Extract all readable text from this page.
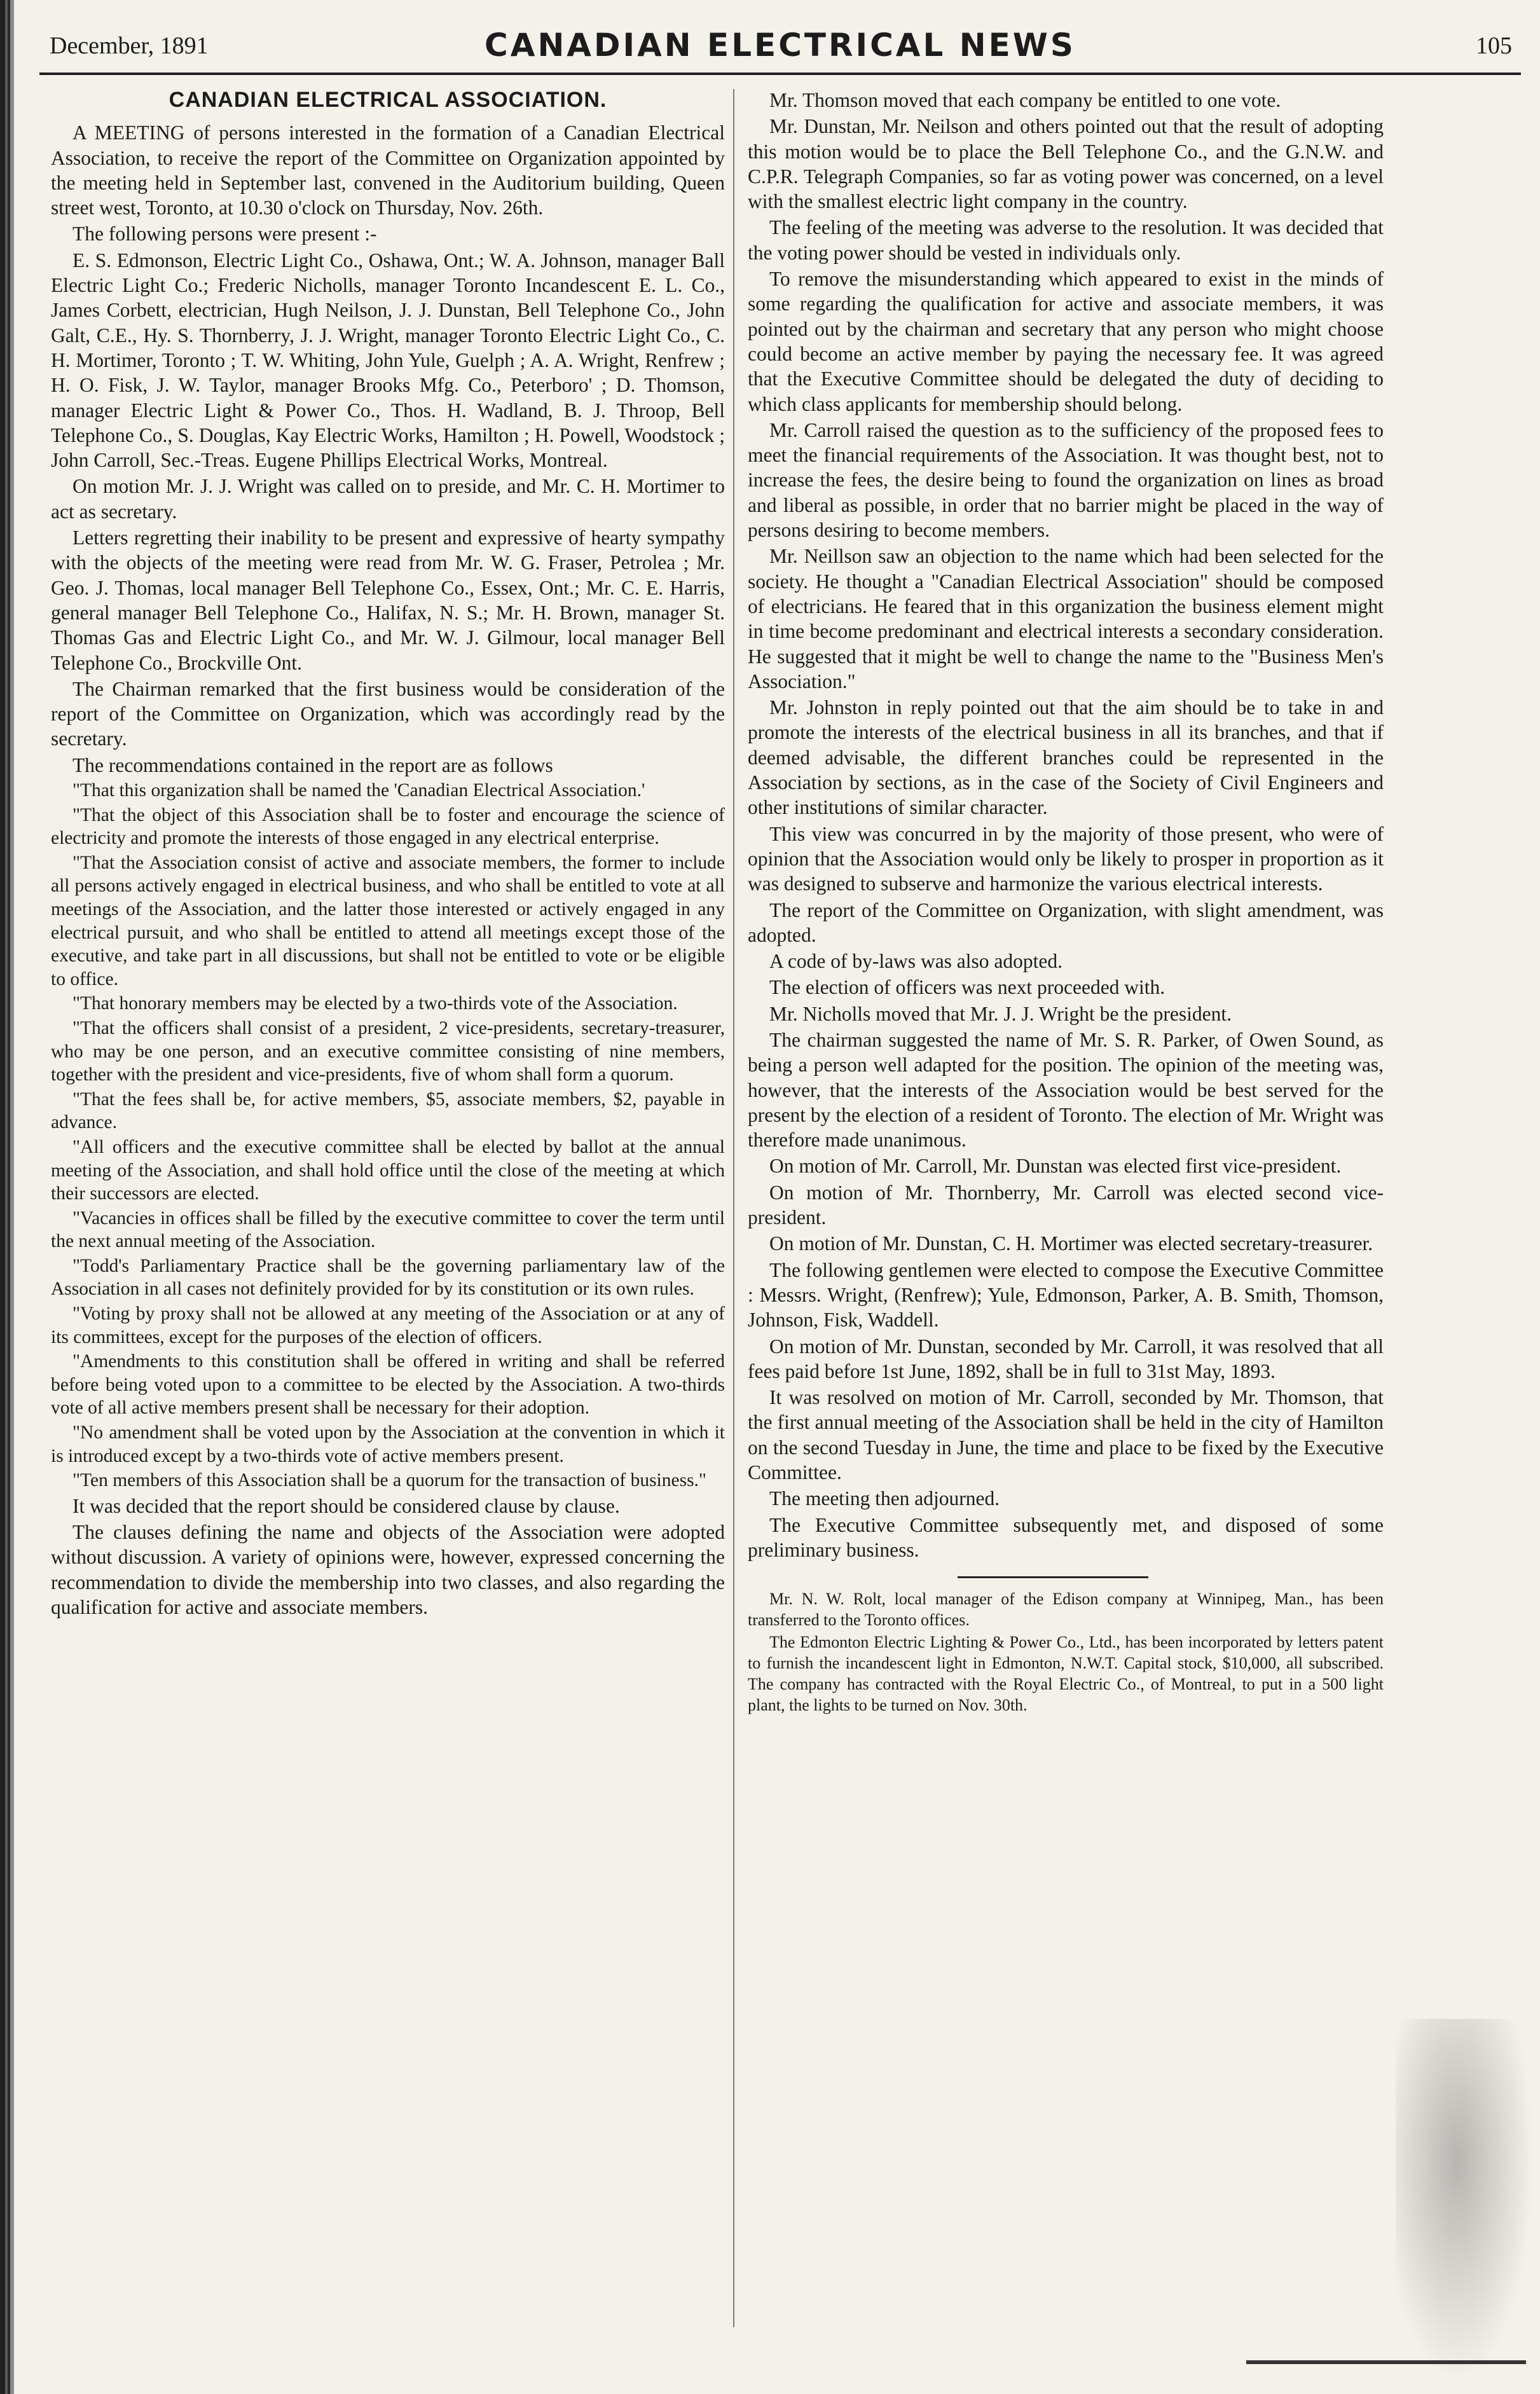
December, 1891	CANADIAN ELECTRICAL NEWS	105
CANADIAN ELECTRICAL ASSOCIATION.

A MEETING of persons interested in the formation of a Canadian Electrical Association, to receive the report of the Committee on Organization appointed by the meeting held in September last, convened in the Auditorium building, Queen street west, Toronto, at 10.30 o'clock on Thursday, Nov. 26th.

The following persons were present :-

E. S. Edmonson, Electric Light Co., Oshawa, Ont.; W. A. Johnson, manager Ball Electric Light Co.; Frederic Nicholls, manager Toronto Incandescent E. L. Co., James Corbett, electrician, Hugh Neilson, J. J. Dunstan, Bell Telephone Co., John Galt, C.E., Hy. S. Thornberry, J. J. Wright, manager Toronto Electric Light Co., C. H. Mortimer, Toronto ; T. W. Whiting, John Yule, Guelph ; A. A. Wright, Renfrew ; H. O. Fisk, J. W. Taylor, manager Brooks Mfg. Co., Peterboro' ; D. Thomson, manager Electric Light & Power Co., Thos. H. Wadland, B. J. Throop, Bell Telephone Co., S. Douglas, Kay Electric Works, Hamilton ; H. Powell, Woodstock ; John Carroll, Sec.-Treas. Eugene Phillips Electrical Works, Montreal.

On motion Mr. J. J. Wright was called on to preside, and Mr. C. H. Mortimer to act as secretary.

Letters regretting their inability to be present and expressive of hearty sympathy with the objects of the meeting were read from Mr. W. G. Fraser, Petrolea ; Mr. Geo. J. Thomas, local manager Bell Telephone Co., Essex, Ont.; Mr. C. E. Harris, general manager Bell Telephone Co., Halifax, N. S.; Mr. H. Brown, manager St. Thomas Gas and Electric Light Co., and Mr. W. J. Gilmour, local manager Bell Telephone Co., Brockville Ont.

The Chairman remarked that the first business would be consideration of the report of the Committee on Organization, which was accordingly read by the secretary.

The recommendations contained in the report are as follows

"That this organization shall be named the 'Canadian Electrical Association.'

"That the object of this Association shall be to foster and encourage the science of electricity and promote the interests of those engaged in any electrical enterprise.

"That the Association consist of active and associate members, the former to include all persons actively engaged in electrical business, and who shall be entitled to vote at all meetings of the Association, and the latter those interested or actively engaged in any electrical pursuit, and who shall be entitled to attend all meetings except those of the executive, and take part in all discussions, but shall not be entitled to vote or be eligible to office.

"That honorary members may be elected by a two-thirds vote of the Association.

"That the officers shall consist of a president, 2 vice-presidents, secretary-treasurer, who may be one person, and an executive committee consisting of nine members, together with the president and vice-presidents, five of whom shall form a quorum.

"That the fees shall be, for active members, $5, associate members, $2, payable in advance.

"All officers and the executive committee shall be elected by ballot at the annual meeting of the Association, and shall hold office until the close of the meeting at which their successors are elected.

"Vacancies in offices shall be filled by the executive committee to cover the term until the next annual meeting of the Association.

"Todd's Parliamentary Practice shall be the governing parliamentary law of the Association in all cases not definitely provided for by its constitution or its own rules.

"Voting by proxy shall not be allowed at any meeting of the Association or at any of its committees, except for the purposes of the election of officers.

"Amendments to this constitution shall be offered in writing and shall be referred before being voted upon to a committee to be elected by the Association. A two-thirds vote of all active members present shall be necessary for their adoption.

"No amendment shall be voted upon by the Association at the convention in which it is introduced except by a two-thirds vote of active members present.

"Ten members of this Association shall be a quorum for the transaction of business."

It was decided that the report should be considered clause by clause.

The clauses defining the name and objects of the Association were adopted without discussion. A variety of opinions were, however, expressed concerning the recommendation to divide the membership into two classes, and also regarding the qualification for active and associate members.

Mr. Thomson moved that each company be entitled to one vote.

Mr. Dunstan, Mr. Neilson and others pointed out that the result of adopting this motion would be to place the Bell Telephone Co., and the G.N.W. and C.P.R. Telegraph Companies, so far as voting power was concerned, on a level with the smallest electric light company in the country.

The feeling of the meeting was adverse to the resolution. It was decided that the voting power should be vested in individuals only.

To remove the misunderstanding which appeared to exist in the minds of some regarding the qualification for active and associate members, it was pointed out by the chairman and secretary that any person who might choose could become an active member by paying the necessary fee. It was agreed that the Executive Committee should be delegated the duty of deciding to which class applicants for membership should belong.

Mr. Carroll raised the question as to the sufficiency of the proposed fees to meet the financial requirements of the Association. It was thought best, not to increase the fees, the desire being to found the organization on lines as broad and liberal as possible, in order that no barrier might be placed in the way of persons desiring to become members.

Mr. Neillson saw an objection to the name which had been selected for the society. He thought a "Canadian Electrical Association" should be composed of electricians. He feared that in this organization the business element might in time become predominant and electrical interests a secondary consideration. He suggested that it might be well to change the name to the "Business Men's Association."

Mr. Johnston in reply pointed out that the aim should be to take in and promote the interests of the electrical business in all its branches, and that if deemed advisable, the different branches could be represented in the Association by sections, as in the case of the Society of Civil Engineers and other institutions of similar character.

This view was concurred in by the majority of those present, who were of opinion that the Association would only be likely to prosper in proportion as it was designed to subserve and harmonize the various electrical interests.

The report of the Committee on Organization, with slight amendment, was adopted.

A code of by-laws was also adopted.

The election of officers was next proceeded with.

Mr. Nicholls moved that Mr. J. J. Wright be the president.

The chairman suggested the name of Mr. S. R. Parker, of Owen Sound, as being a person well adapted for the position. The opinion of the meeting was, however, that the interests of the Association would be best served for the present by the election of a resident of Toronto. The election of Mr. Wright was therefore made unanimous.

On motion of Mr. Carroll, Mr. Dunstan was elected first vice-president.

On motion of Mr. Thornberry, Mr. Carroll was elected second vice-president.

On motion of Mr. Dunstan, C. H. Mortimer was elected secretary-treasurer.

The following gentlemen were elected to compose the Executive Committee : Messrs. Wright, (Renfrew); Yule, Edmonson, Parker, A. B. Smith, Thomson, Johnson, Fisk, Waddell.

On motion of Mr. Dunstan, seconded by Mr. Carroll, it was resolved that all fees paid before 1st June, 1892, shall be in full to 31st May, 1893.

It was resolved on motion of Mr. Carroll, seconded by Mr. Thomson, that the first annual meeting of the Association shall be held in the city of Hamilton on the second Tuesday in June, the time and place to be fixed by the Executive Committee.

The meeting then adjourned.

The Executive Committee subsequently met, and disposed of some preliminary business.

Mr. N. W. Rolt, local manager of the Edison company at Winnipeg, Man., has been transferred to the Toronto offices.

The Edmonton Electric Lighting & Power Co., Ltd., has been incorporated by letters patent to furnish the incandescent light in Edmonton, N.W.T. Capital stock, $10,000, all subscribed. The company has contracted with the Royal Electric Co., of Montreal, to put in a 500 light plant, the lights to be turned on Nov. 30th.
